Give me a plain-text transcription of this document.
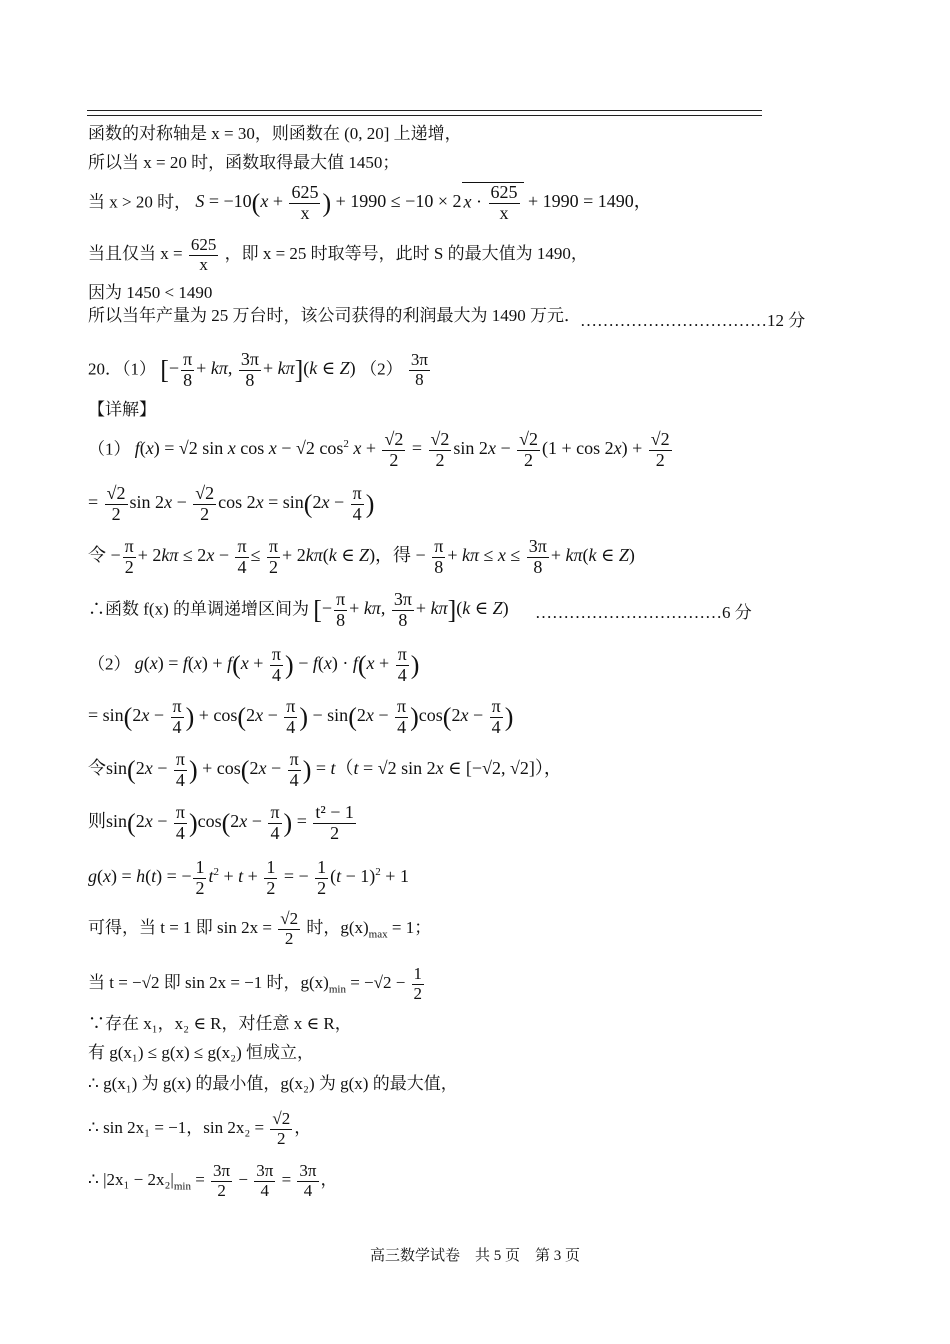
函数的对称轴是 x = 30，则函数在 (0, 20] 上递增，
所以当 x = 20 时，函数取得最大值 1450；
当 x > 20 时， $S = -10(x + \frac{625}{x}$ ) + 1990 ≤ −10 × 2 $x \cdot \frac{625}{x} + 1990 = 1490$，
当且仅当 $x = \frac{625}{x}$ ，即 x = 25 时取等号，此时 S 的最大值为 1490，
因为 1450 < 1490
所以当年产量为 25 万台时，该公司获得的利润最大为 1490 万元． ……………………………12 分
20．（1） [− $\frac{\pi}{8} + k\pi$, $\frac{3\pi}{8} + k\pi](k$ ∈ Z) $(2) \frac{3\pi}{8}$
【详解】
（1） f(x) = √2 sin x cos x − √2 $\cos^2 x + \frac{√2}{2} = \frac{√2}{2}$ $\sin 2x - \frac{√2}{2} (1 + \cos 2x) + \frac{√2}{2}$
= $\frac{√2}{2}$ $\sin 2x - \frac{√2}{2}$ $\cos 2x = \sin(2x - \frac{\pi}{4}$ )
令 − $\frac{\pi}{2} + 2k\pi \le 2x - \frac{\pi}{4} \le \frac{\pi}{2} + 2k\pi(k$ ∈ Z)，得 − $\frac{\pi}{8} + k\pi \le x \le \frac{3\pi}{8} + k\pi(k$ ∈ Z)
∴函数 f(x) 的单调递增区间为 [− $\frac{\pi}{8} + k\pi$, $\frac{3\pi}{8} + k\pi](k$ ∈ Z) ……………………………6 分
（2） $g(x) = f(x) + f(x + \frac{\pi}{4}$ ) − $f(x) \cdot f(x + \frac{\pi}{4}$ )
= $\sin(2x - \frac{\pi}{4}$ ) + $\cos(2x - \frac{\pi}{4}$ ) − $\sin(2x - \frac{\pi}{4} )\cos(2x - \frac{\pi}{4}$ )
令$\sin(2x - \frac{\pi}{4}$ ) + $\cos(2x - \frac{\pi}{4}$ ) = t（t = √2 sin 2x ∈ [−√2, √2]），
则$\sin(2x - \frac{\pi}{4} )\cos(2x - \frac{\pi}{4}$ ) = $\frac{\text{t² − 1}}{2}$
g(x) = h(t) = − $\frac{1}{2} t^2 + t + \frac{1}{2}$ = − $\frac{1}{2} (t - 1)^2 + 1$
可得，当 t = 1 即 $\sin 2x = \frac{√2}{2}$ 时，$g(x)_{max} = 1$；
当 t = −√2 即 sin 2x = −1 时，$g(x)_{min} = -√2 - \frac{1}{2}$
∵存在 x₁，x₂ ∈ R，对任意 x ∈ R，
有 g(x₁) ≤ g(x) ≤ g(x₂) 恒成立，
∴ g(x₁) 为 g(x) 的最小值，g(x₂) 为 g(x) 的最大值，
∴ sin 2x₁ = −1，$\sin 2x_2 = \frac{√2}{2}$ ，
∴ $|2x_1 - 2x_2|_{min} = \frac{3\pi}{2} - \frac{3\pi}{4} = \frac{3\pi}{4}$ ，
高三数学试卷　共 5 页　第 3 页
